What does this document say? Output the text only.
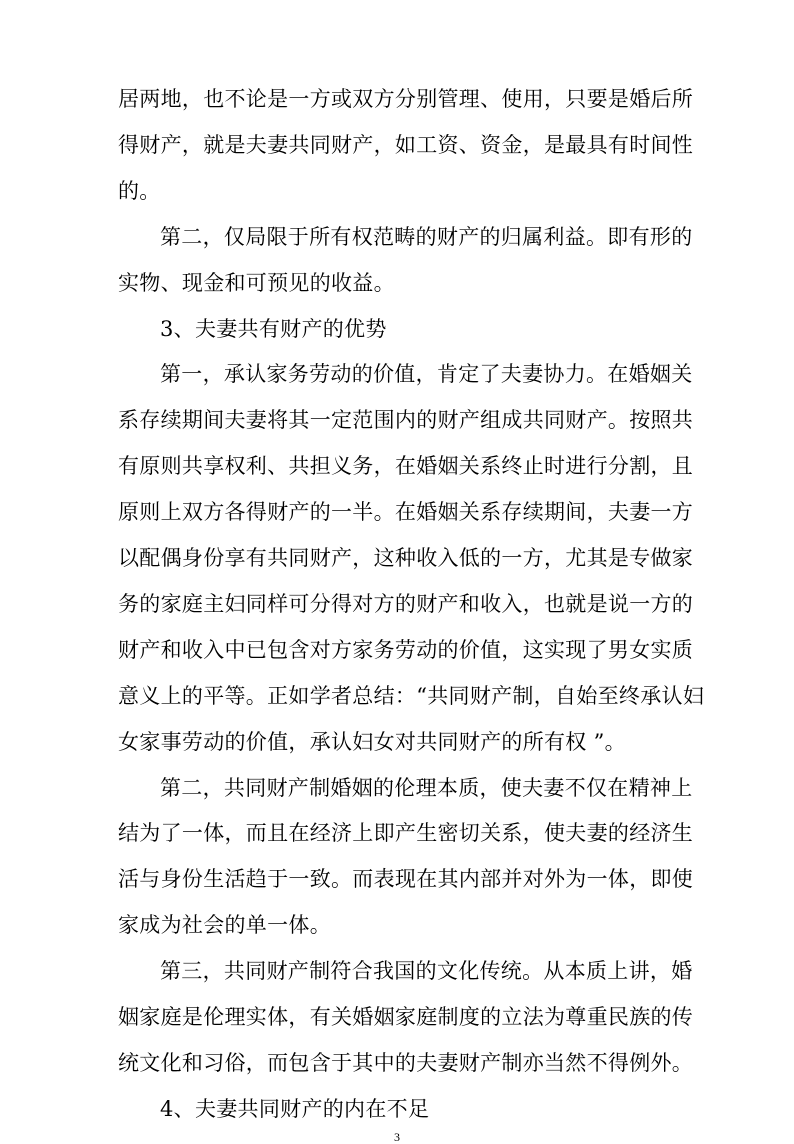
居两地，也不论是一方或双方分别管理、使用，只要是婚后所
得财产，就是夫妻共同财产，如工资、资金，是最具有时间性
的。
第二，仅局限于所有权范畴的财产的归属利益。即有形的
实物、现金和可预见的收益。
3、夫妻共有财产的优势
第一，承认家务劳动的价值，肯定了夫妻协力。在婚姻关
系存续期间夫妻将其一定范围内的财产组成共同财产。按照共
有原则共享权利、共担义务，在婚姻关系终止时进行分割，且
原则上双方各得财产的一半。在婚姻关系存续期间，夫妻一方
以配偶身份享有共同财产，这种收入低的一方，尤其是专做家
务的家庭主妇同样可分得对方的财产和收入，也就是说一方的
财产和收入中已包含对方家务劳动的价值，这实现了男女实质
意义上的平等。正如学者总结：“共同财产制，自始至终承认妇
女家事劳动的价值，承认妇女对共同财产的所有权 ”。
第二，共同财产制婚姻的伦理本质，使夫妻不仅在精神上
结为了一体，而且在经济上即产生密切关系，使夫妻的经济生
活与身份生活趋于一致。而表现在其内部并对外为一体，即使
家成为社会的单一体。
第三，共同财产制符合我国的文化传统。从本质上讲，婚
姻家庭是伦理实体，有关婚姻家庭制度的立法为尊重民族的传
统文化和习俗，而包含于其中的夫妻财产制亦当然不得例外。
4、夫妻共同财产的内在不足
3
